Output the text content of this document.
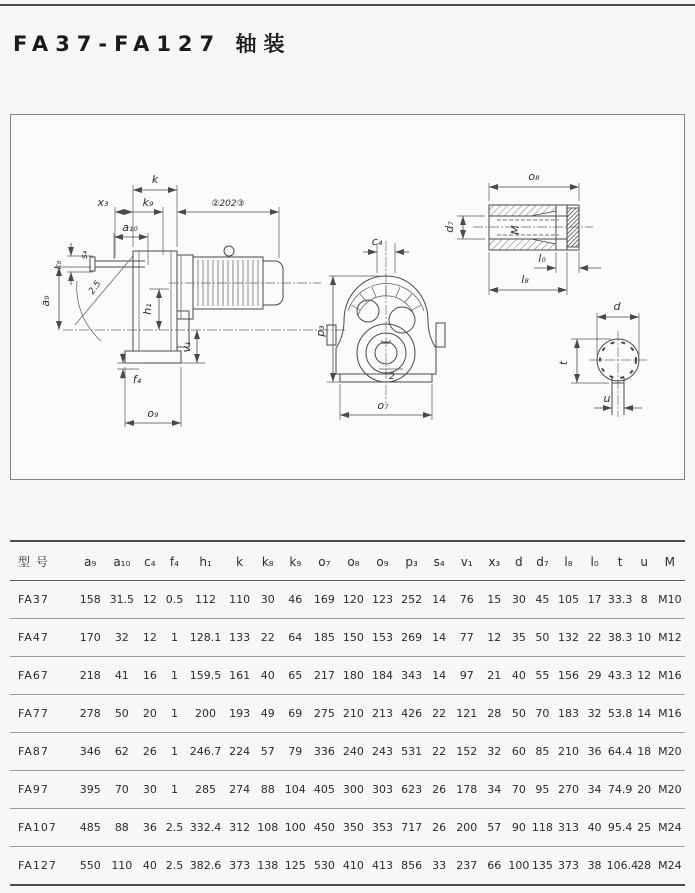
FA37-FA127 轴装
2.5
k
x₃	k₉	②202③
a₁₀
k₈
s₄
a₉
h₁
v₁
f₄
o₉
c₄
p₃
2
o₇
o₈
M
d₇
l₀
l₈
d
t
u
型 号	a₉	a₁₀	c₄	f₄	h₁	k	k₈	k₉	o₇	o₈	o₉	p₃	s₄	v₁	x₃	d	d₇	l₈	l₀	t	u	M
FA37	158	31.5	12	0.5	112	110	30	46	169	120	123	252	14	76	15	30	45	105	17	33.3	8	M10
FA47	170	32	12	1	128.1	133	22	64	185	150	153	269	14	77	12	35	50	132	22	38.3	10	M12
FA67	218	41	16	1	159.5	161	40	65	217	180	184	343	14	97	21	40	55	156	29	43.3	12	M16
FA77	278	50	20	1	200	193	49	69	275	210	213	426	22	121	28	50	70	183	32	53.8	14	M16
FA87	346	62	26	1	246.7	224	57	79	336	240	243	531	22	152	32	60	85	210	36	64.4	18	M20
FA97	395	70	30	1	285	274	88	104	405	300	303	623	26	178	34	70	95	270	34	74.9	20	M20
FA107	485	88	36	2.5	332.4	312	108	100	450	350	353	717	26	200	57	90	118	313	40	95.4	25	M24
FA127	550	110	40	2.5	382.6	373	138	125	530	410	413	856	33	237	66	100	135	373	38	106.4	28	M24
